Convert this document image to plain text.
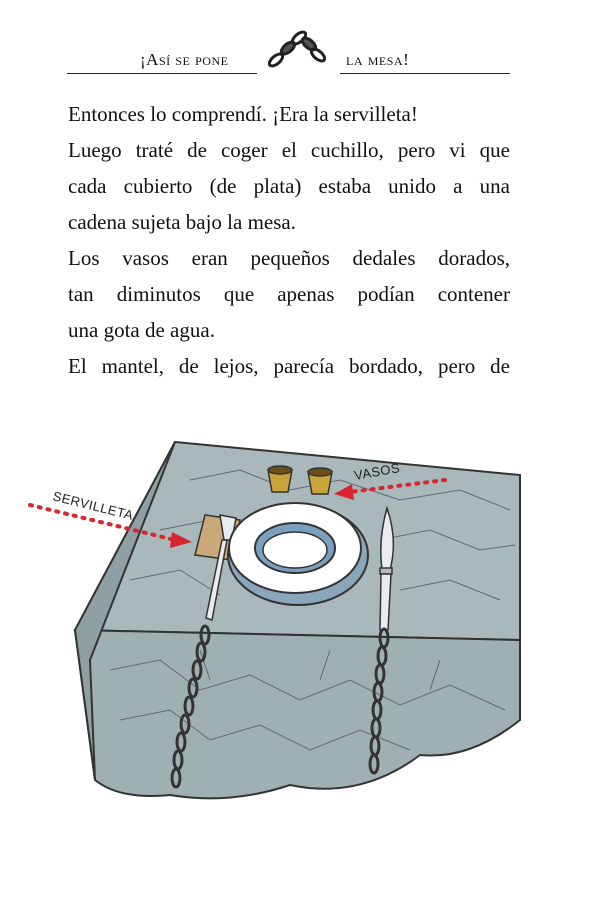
¡Así se pone	la mesa!

Entonces lo comprendí. ¡Era la servilleta!

Luego traté de coger el cuchillo, pero vi que

cada cubierto (de plata) estaba unido a una

cadena sujeta bajo la mesa.

Los vasos eran pequeños dedales dorados,

tan diminutos que apenas podían contener

una gota de agua.

El mantel, de lejos, parecía bordado, pero de

SERVILLETA
VASOS
